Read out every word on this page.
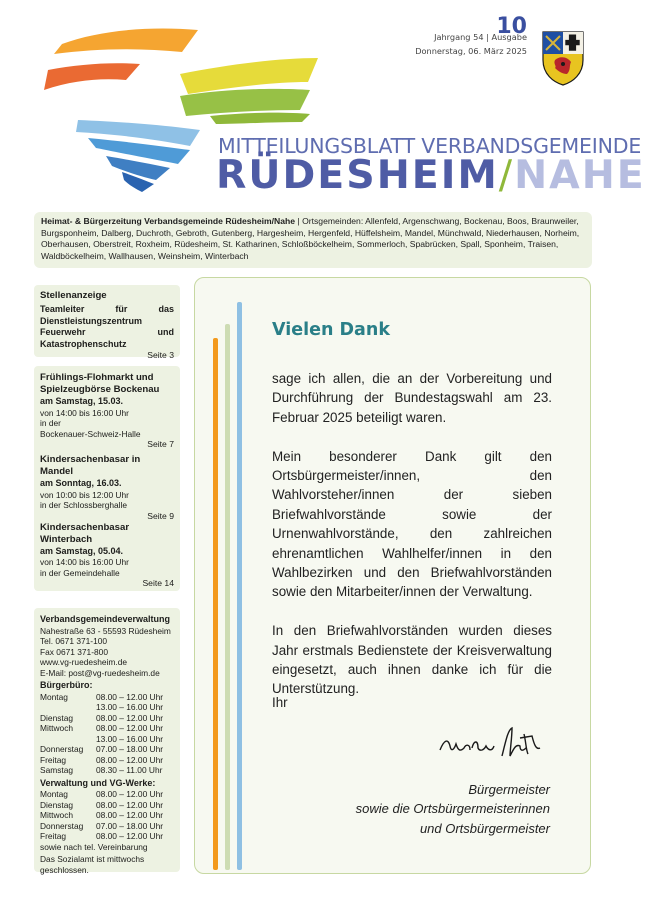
Jahrgang 54 | Ausgabe
10
Donnerstag, 06. März 2025
MITTEILUNGSBLATT VERBANDSGEMEINDE
RÜDESHEIM/NAHE
Heimat- & Bürgerzeitung Verbandsgemeinde Rüdesheim/Nahe | Ortsgemeinden: Allenfeld, Argenschwang, Bockenau, Boos, Braunweiler, Burgsponheim, Dalberg, Duchroth, Gebroth, Gutenberg, Hargesheim, Hergenfeld, Hüffelsheim, Mandel, Münchwald, Niederhausen, Norheim, Oberhausen, Oberstreit, Roxheim, Rüdesheim, St. Katharinen, Schloßböckelheim, Sommerloch, Spabrücken, Spall, Sponheim, Traisen, Waldböckelheim, Wallhausen, Weinsheim, Winterbach
Stellenanzeige
Teamleiter für das Dienstleistungszentrum Feuerwehr und Katastrophenschutz
Seite 3
Frühlings-Flohmarkt und Spielzeugbörse Bockenau
am Samstag, 15.03.
von 14:00 bis 16:00 Uhr
in der
Bockenauer-Schweiz-Halle
Seite 7
Kindersachenbasar in Mandel
am Sonntag, 16.03.
von 10:00 bis 12:00 Uhr
in der Schlossberghalle
Seite 9
Kindersachenbasar Winterbach
am Samstag, 05.04.
von 14:00 bis 16:00 Uhr
in der Gemeindehalle
Seite 14
Verbandsgemeindeverwaltung
Nahestraße 63 - 55593 Rüdesheim
Tel. 0671 371-100
Fax 0671 371-800
www.vg-ruedesheim.de
E-Mail: post@vg-ruedesheim.de
Bürgerbüro:
Montag	08.00 – 12.00 Uhr
	13.00 – 16.00 Uhr
Dienstag	08.00 – 12.00 Uhr
Mittwoch	08.00 – 12.00 Uhr
	13.00 – 16.00 Uhr
Donnerstag	07.00 – 18.00 Uhr
Freitag	08.00 – 12.00 Uhr
Samstag	08.30 – 11.00 Uhr
Verwaltung und VG-Werke:
Montag	08.00 – 12.00 Uhr
Dienstag	08.00 – 12.00 Uhr
Mittwoch	08.00 – 12.00 Uhr
Donnerstag	07.00 – 18.00 Uhr
Freitag	08.00 – 12.00 Uhr
sowie nach tel. Vereinbarung
Das Sozialamt ist mittwochs geschlossen.
Vielen Dank

sage ich allen, die an der Vorbereitung und Durchführung der Bundestagswahl am 23. Februar 2025 beteiligt waren.

Mein besonderer Dank gilt den Ortsbürgermeister/innen, den Wahlvorsteher/innen der sieben Briefwahlvorstände sowie der Urnenwahlvorstände, den zahlreichen ehrenamtlichen Wahlhelfer/innen in den Wahlbezirken und den Briefwahlvorständen sowie den Mitarbeiter/innen der Verwaltung.

In den Briefwahlvorständen wurden dieses Jahr erstmals Bedienstete der Kreisverwaltung eingesetzt, auch ihnen danke ich für die Unterstützung.

Ihr
Bürgermeister
sowie die Ortsbürgermeisterinnen
und Ortsbürgermeister
